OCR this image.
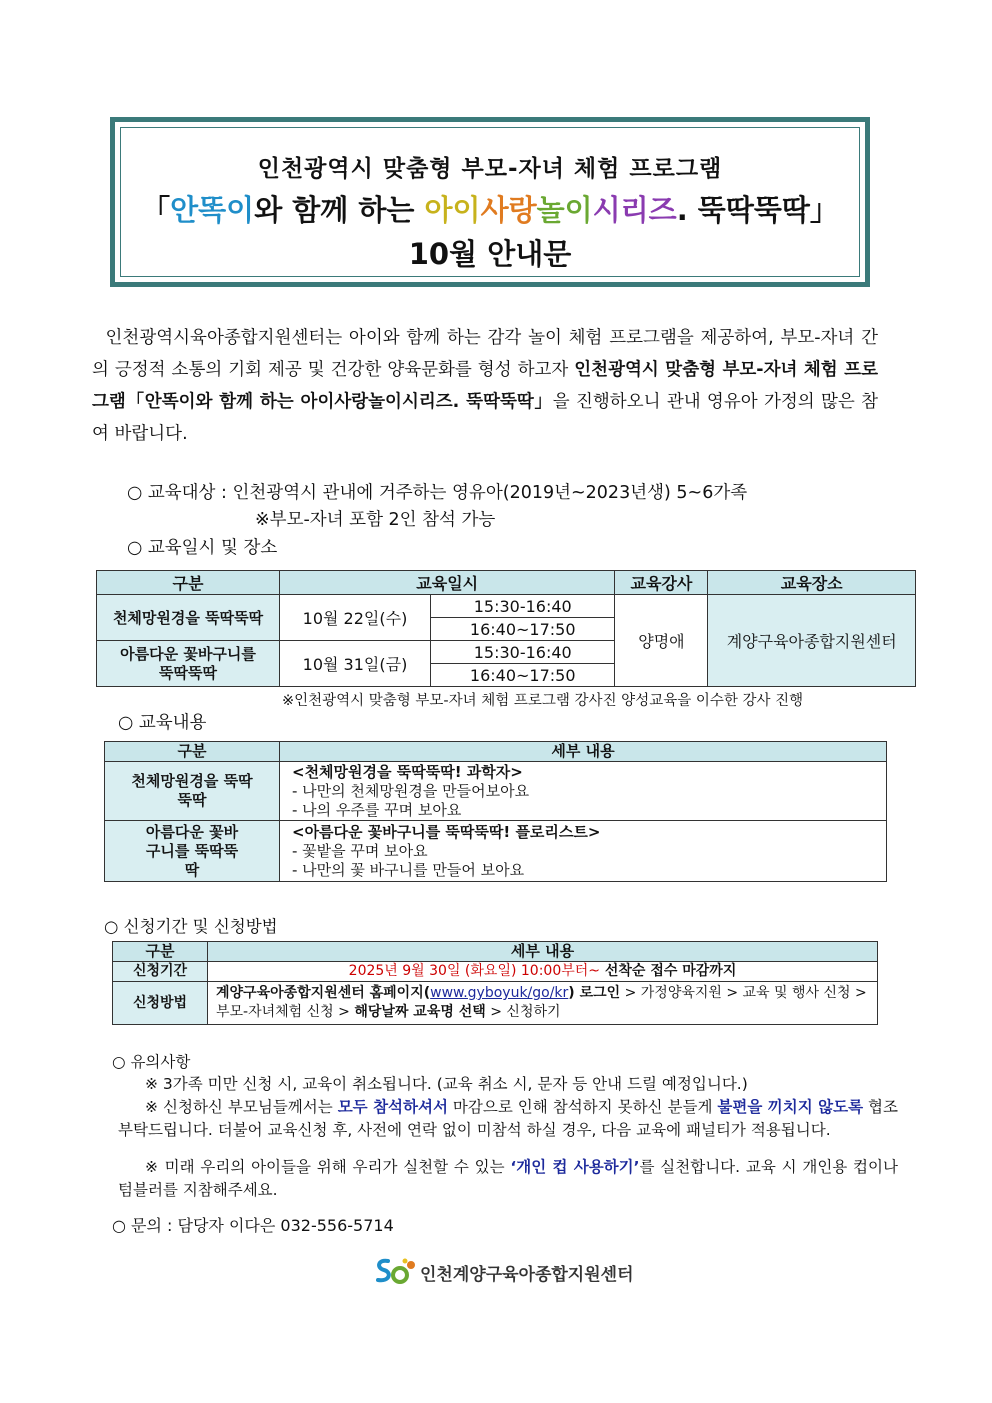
인천광역시 맞춤형 부모-자녀 체험 프로그램
「안똑이와 함께 하는 아이사랑놀이시리즈. 뚝딱뚝딱」
10월 안내문
인천광역시육아종합지원센터는 아이와 함께 하는 감각 놀이 체험 프로그램을 제공하여, 부모-자녀 간의 긍정적 소통의 기회 제공 및 건강한 양육문화를 형성 하고자 인천광역시 맞춤형 부모-자녀 체험 프로그램「안똑이와 함께 하는 아이사랑놀이시리즈. 뚝딱뚝딱」을 진행하오니 관내 영유아 가정의 많은 참여 바랍니다.
○ 교육대상 : 인천광역시 관내에 거주하는 영유아(2019년~2023년생) 5~6가족
※부모-자녀 포함 2인 참석 가능
○ 교육일시 및 장소
구분	교육일시		교육강사	교육장소
천체망원경을 뚝딱뚝딱	10월 22일(수)	15:30-16:40	양명애	계양구육아종합지원센터
		16:40~17:50		
아름다운 꽃바구니를 뚝딱뚝딱	10월 31일(금)	15:30-16:40		
		16:40~17:50		
※인천광역시 맞춤형 부모-자녀 체험 프로그램 강사진 양성교육을 이수한 강사 진행
○ 교육내용
구분	세부 내용
천체망원경을 뚝딱뚝딱	<천체망원경을 뚝딱뚝딱! 과학자>
- 나만의 천체망원경을 만들어보아요
- 나의 우주를 꾸며 보아요

아름다운 꽃바구니를 뚝딱뚝딱	<아름다운 꽃바구니를 뚝딱뚝딱! 플로리스트>
- 꽃밭을 꾸며 보아요
- 나만의 꽃 바구니를 만들어 보아요
○ 신청기간 및 신청방법
구분	세부 내용
신청기간	2025년 9월 30일 (화요일) 10:00부터~ 선착순 접수 마감까지
신청방법	계양구육아종합지원센터 홈페이지(www.gyboyuk/go/kr) 로그인 > 가정양육지원 > 교육 및 행사 신청 > 부모-자녀체험 신청 > 해당날짜 교육명 선택 > 신청하기
○ 유의사항
※ 3가족 미만 신청 시, 교육이 취소됩니다. (교육 취소 시, 문자 등 안내 드릴 예정입니다.)
※ 신청하신 부모님들께서는 모두 참석하셔서 마감으로 인해 참석하지 못하신 분들게 불편을 끼치지 않도록 협조 부탁드립니다. 더불어 교육신청 후, 사전에 연락 없이 미참석 하실 경우, 다음 교육에 패널티가 적용됩니다.
※ 미래 우리의 아이들을 위해 우리가 실천할 수 있는 ‘개인 컵 사용하기’를 실천합니다. 교육 시 개인용 컵이나 텀블러를 지참해주세요.
○ 문의 : 담당자 이다은 032-556-5714
인천계양구육아종합지원센터
